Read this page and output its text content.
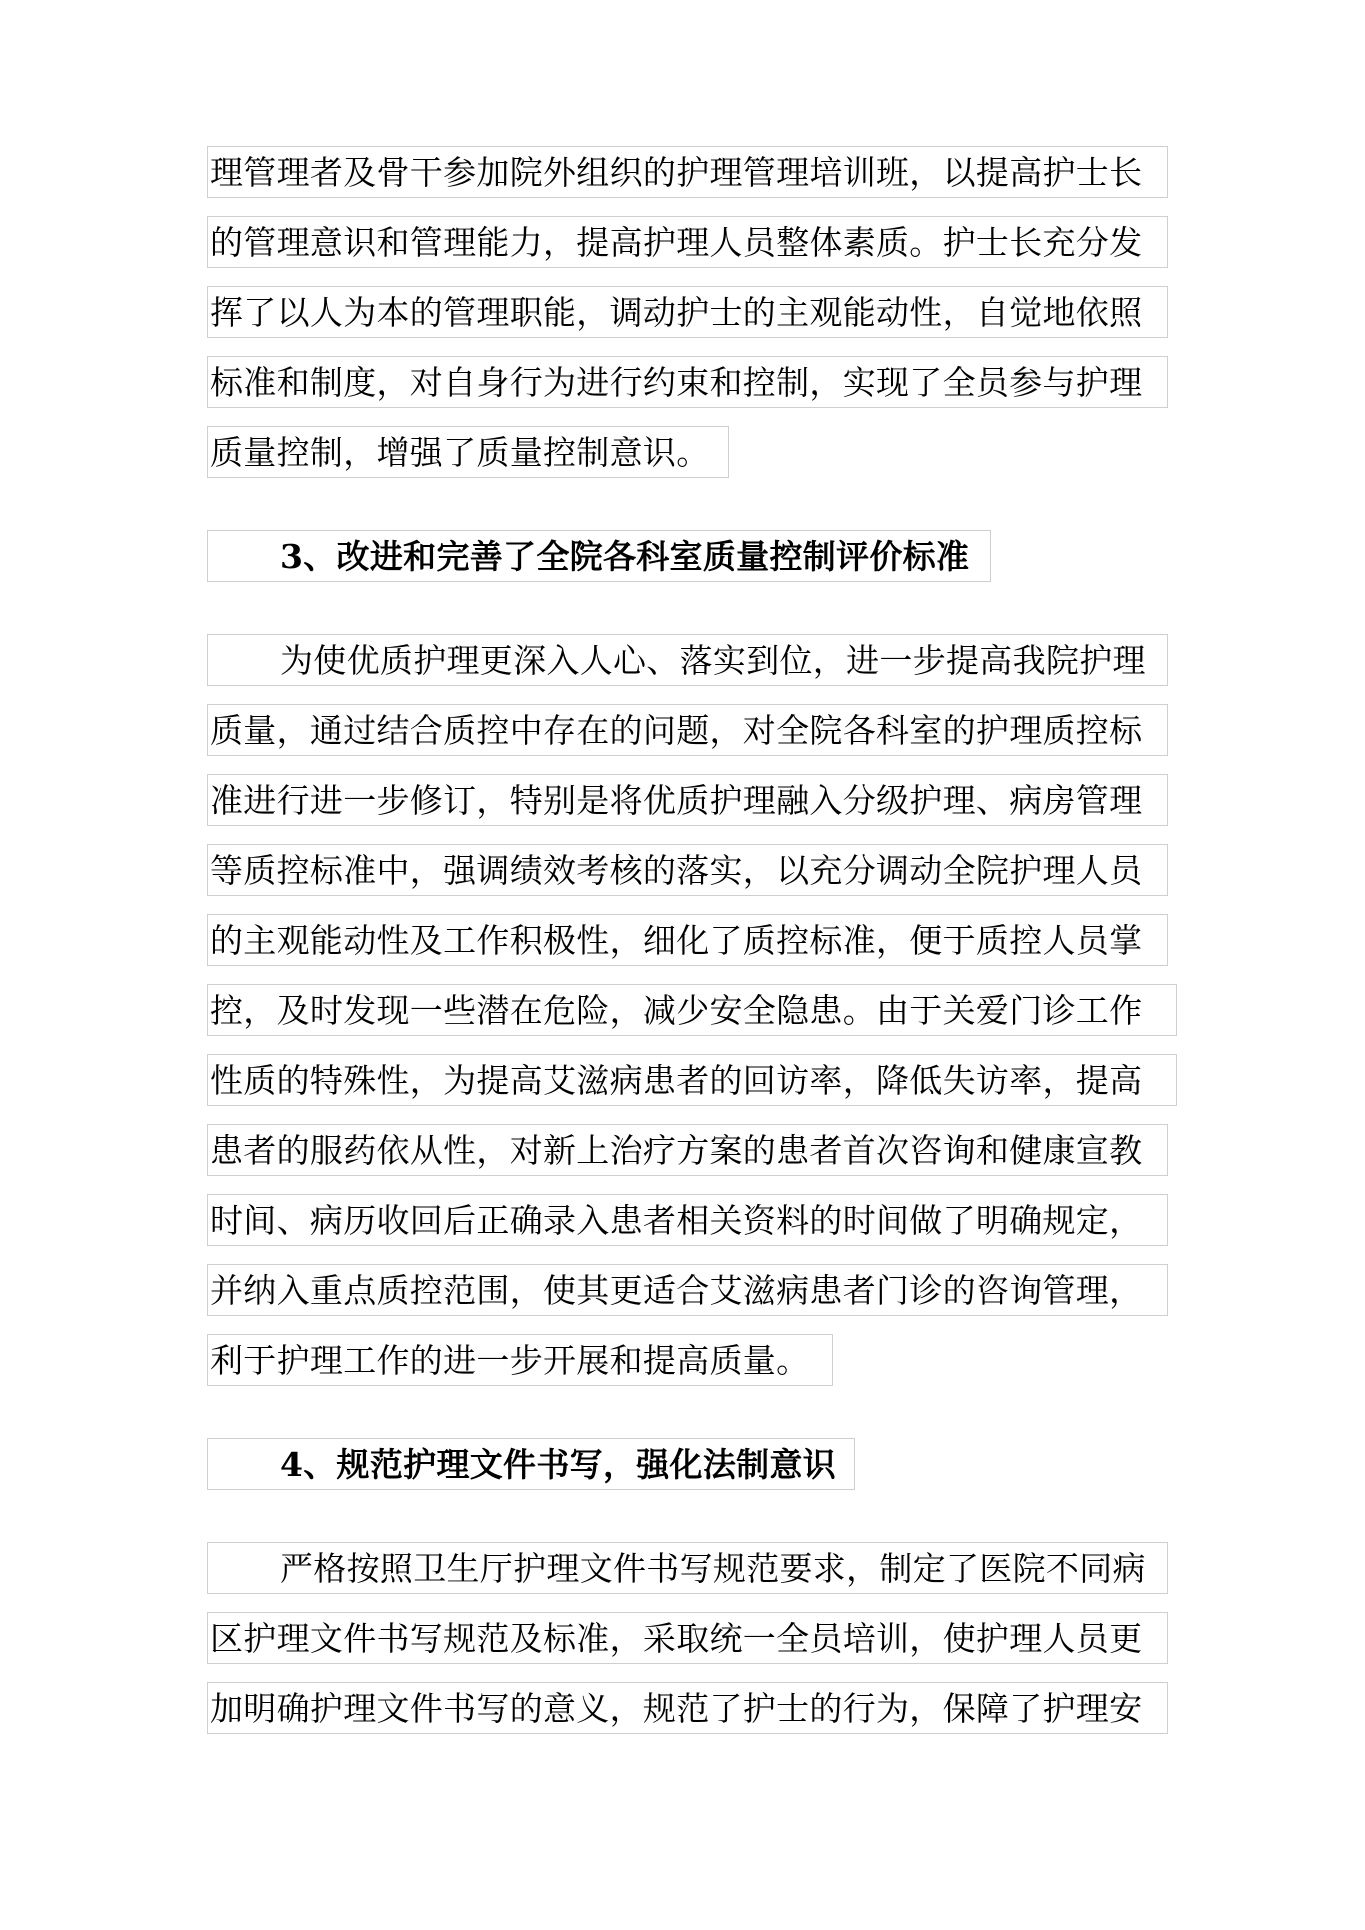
理管理者及骨干参加院外组织的护理管理培训班，以提高护士长
的管理意识和管理能力，提高护理人员整体素质。护士长充分发
挥了以人为本的管理职能，调动护士的主观能动性，自觉地依照
标准和制度，对自身行为进行约束和控制，实现了全员参与护理
质量控制，增强了质量控制意识。
3、改进和完善了全院各科室质量控制评价标准
为使优质护理更深入人心、落实到位，进一步提高我院护理
质量，通过结合质控中存在的问题，对全院各科室的护理质控标
准进行进一步修订，特别是将优质护理融入分级护理、病房管理
等质控标准中，强调绩效考核的落实，以充分调动全院护理人员
的主观能动性及工作积极性，细化了质控标准，便于质控人员掌
控，及时发现一些潜在危险，减少安全隐患。由于关爱门诊工作
性质的特殊性，为提高艾滋病患者的回访率，降低失访率，提高
患者的服药依从性，对新上治疗方案的患者首次咨询和健康宣教
时间、病历收回后正确录入患者相关资料的时间做了明确规定，
并纳入重点质控范围，使其更适合艾滋病患者门诊的咨询管理，
利于护理工作的进一步开展和提高质量。
4、规范护理文件书写，强化法制意识
严格按照卫生厅护理文件书写规范要求，制定了医院不同病
区护理文件书写规范及标准，采取统一全员培训，使护理人员更
加明确护理文件书写的意义，规范了护士的行为，保障了护理安
